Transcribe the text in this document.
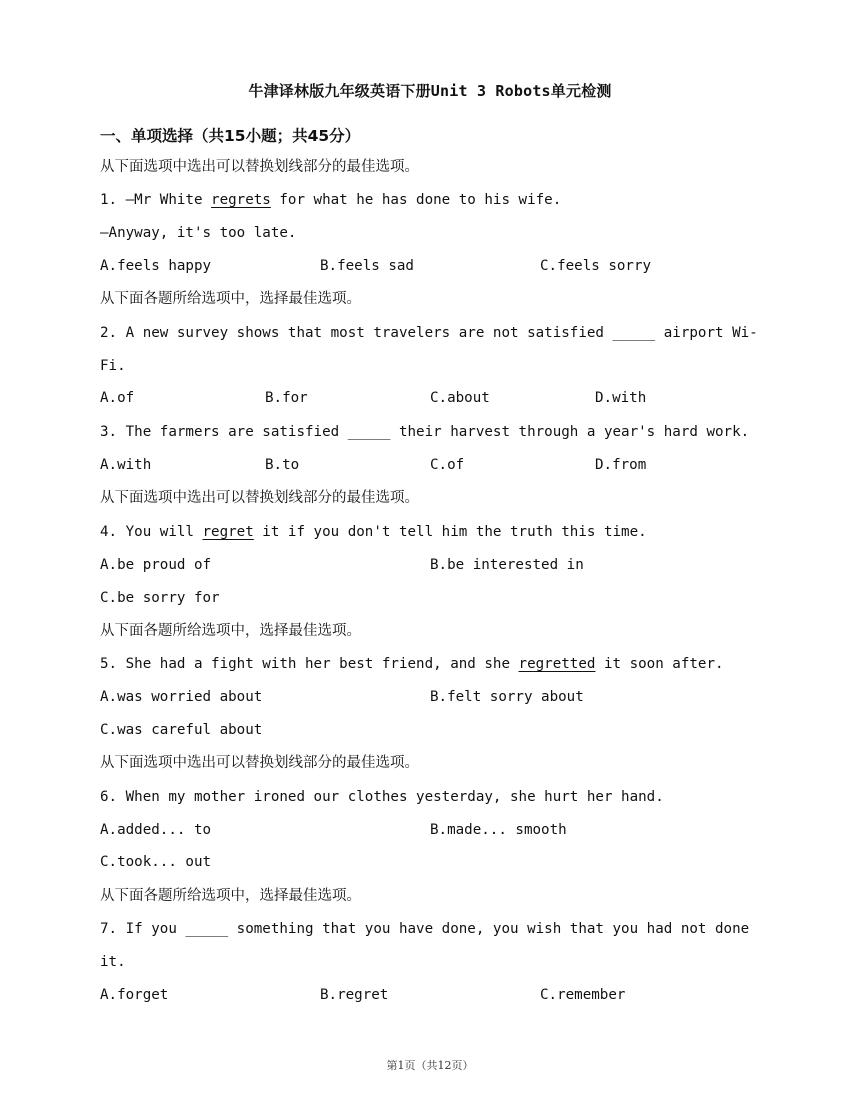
牛津译林版九年级英语下册Unit 3 Robots单元检测
一、单项选择（共15小题；共45分）
从下面选项中选出可以替换划线部分的最佳选项。
1. —Mr White regrets for what he has done to his wife.
—Anyway, it's too late.
A.feels happy	B.feels sad	C.feels sorry
从下面各题所给选项中，选择最佳选项。
2. A new survey shows that most travelers are not satisfied _____ airport Wi-
Fi.
A.of	B.for	C.about	D.with
3. The farmers are satisfied _____ their harvest through a year's hard work.
A.with	B.to	C.of	D.from
从下面选项中选出可以替换划线部分的最佳选项。
4. You will regret it if you don't tell him the truth this time.
A.be proud of	B.be interested in
C.be sorry for
从下面各题所给选项中，选择最佳选项。
5. She had a fight with her best friend, and she regretted it soon after.
A.was worried about	B.felt sorry about
C.was careful about
从下面选项中选出可以替换划线部分的最佳选项。
6. When my mother ironed our clothes yesterday, she hurt her hand.
A.added... to	B.made... smooth
C.took... out
从下面各题所给选项中，选择最佳选项。
7. If you _____ something that you have done, you wish that you had not done
it.
A.forget	B.regret	C.remember
第1页（共12页）
